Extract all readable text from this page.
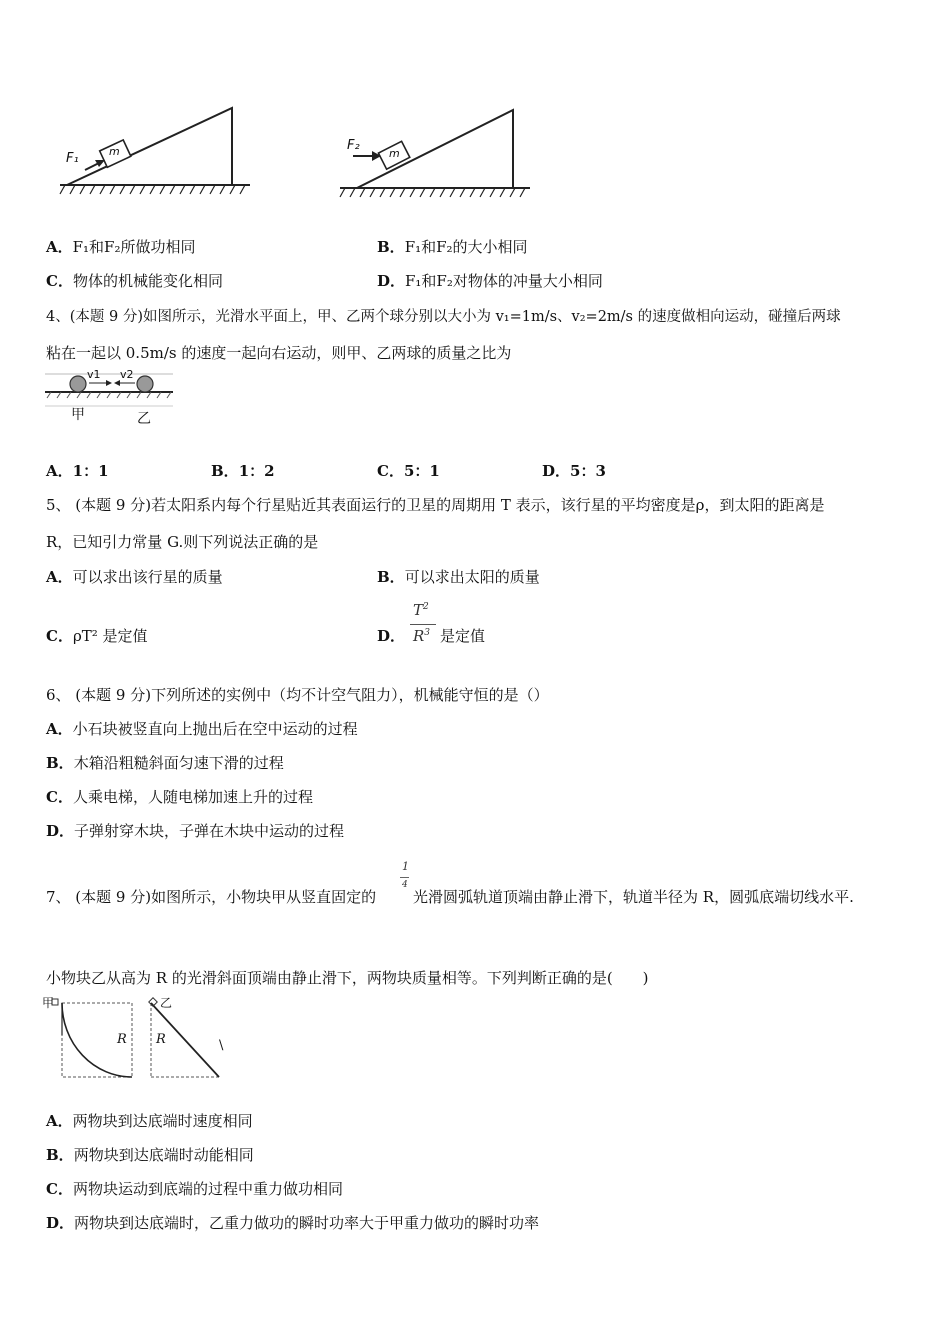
F₁	m	F₂
m
A．F₁和F₂所做功相同	B．F₁和F₂的大小相同
C．物体的机械能变化相同	D．F₁和F₂对物体的冲量大小相同
4、(本题 9 分)如图所示，光滑水平面上，甲、乙两个球分别以大小为 v₁=1m/s、v₂=2m/s 的速度做相向运动，碰撞后两球
粘在一起以 0.5m/s 的速度一起向右运动，则甲、乙两球的质量之比为
v1 v2
甲	乙
A．1：1	B．1：2	C．5：1	D．5：3
5、 (本题 9 分)若太阳系内每个行星贴近其表面运行的卫星的周期用 T 表示，该行星的平均密度是ρ，到太阳的距离是
R，已知引力常量 G.则下列说法正确的是
A．可以求出该行星的质量	B．可以求出太阳的质量
C．ρT² 是定值	D．
$T^2$
$R^3$ 是定值
6、 (本题 9 分)下列所述的实例中（均不计空气阻力），机械能守恒的是（）
A．小石块被竖直向上抛出后在空中运动的过程
B．木箱沿粗糙斜面匀速下滑的过程
C．人乘电梯，人随电梯加速上升的过程
D．子弹射穿木块，子弹在木块中运动的过程
7、 (本题 9 分)如图所示，小物块甲从竖直固定的
1
4
光滑圆弧轨道顶端由静止滑下，轨道半径为 R，圆弧底端切线水平.
小物块乙从高为 R 的光滑斜面顶端由静止滑下，两物块质量相等。下列判断正确的是(　　)
甲	乙
R R	\
A．两物块到达底端时速度相同
B．两物块到达底端时动能相同
C．两物块运动到底端的过程中重力做功相同
D．两物块到达底端时，乙重力做功的瞬时功率大于甲重力做功的瞬时功率
